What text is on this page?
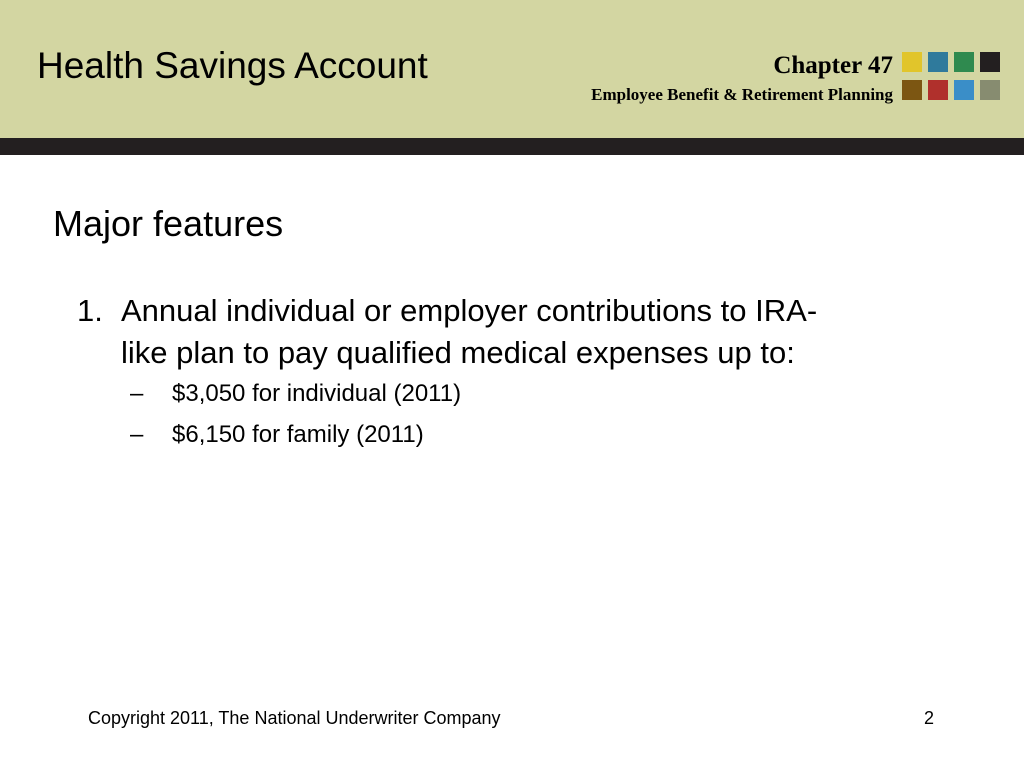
Health Savings Account	Chapter 47
Employee Benefit & Retirement Planning
Major features
1. Annual individual or employer contributions to IRA-
like plan to pay qualified medical expenses up to:
– $3,050 for individual (2011)
– $6,150 for family (2011)
Copyright 2011, The National Underwriter Company	2
